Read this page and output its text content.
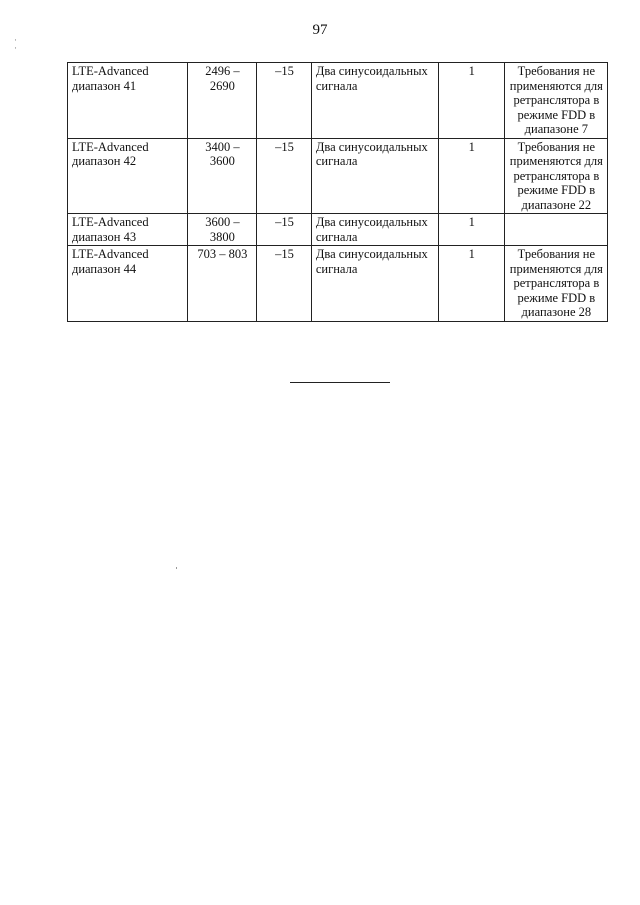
97
·
·
LTE-Advanced диапазон 41	2496 – 2690	–15	Два синусоидальных сигнала	1	Требования не применяются для ретранслятора в режиме FDD в диапазоне 7
LTE-Advanced диапазон 42	3400 – 3600	–15	Два синусоидальных сигнала	1	Требования не применяются для ретранслятора в режиме FDD в диапазоне 22
LTE-Advanced диапазон 43	3600 – 3800	–15	Два синусоидальных сигнала	1	
LTE-Advanced диапазон 44	703 – 803	–15	Два синусоидальных сигнала	1	Требования не применяются для ретранслятора в режиме FDD в диапазоне 28
